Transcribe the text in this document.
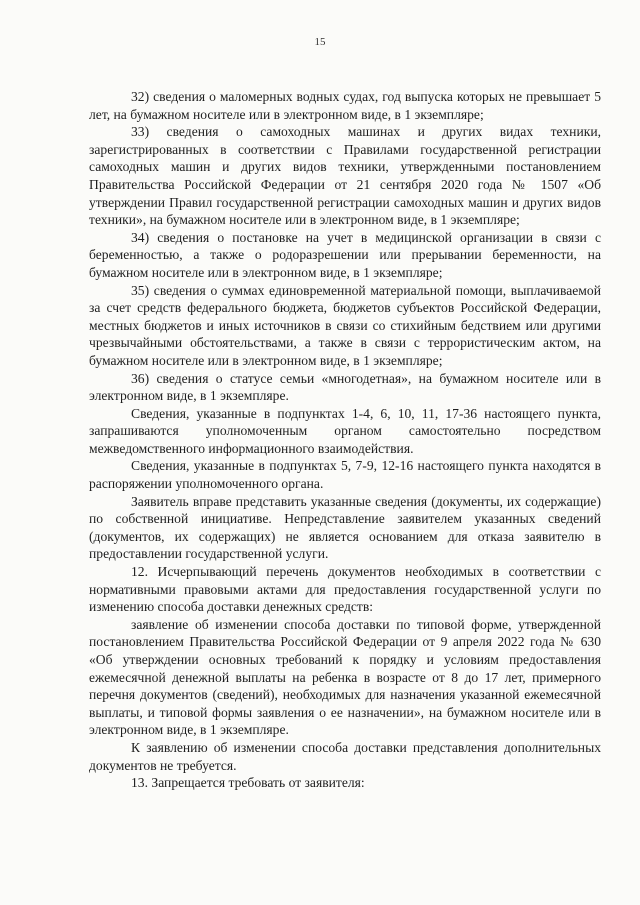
15

32) сведения о маломерных водных судах, год выпуска которых не превышает 5 лет, на бумажном носителе или в электронном виде, в 1 экземпляре;

33) сведения о самоходных машинах и других видах техники, зарегистрированных в соответствии с Правилами государственной регистрации самоходных машин и других видов техники, утвержденными постановлением Правительства Российской Федерации от 21 сентября 2020 года № 1507 «Об утверждении Правил государственной регистрации самоходных машин и других видов техники», на бумажном носителе или в электронном виде, в 1 экземпляре;

34) сведения о постановке на учет в медицинской организации в связи с беременностью, а также о родоразрешении или прерывании беременности, на бумажном носителе или в электронном виде, в 1 экземпляре;

35) сведения о суммах единовременной материальной помощи, выплачиваемой за счет средств федерального бюджета, бюджетов субъектов Российской Федерации, местных бюджетов и иных источников в связи со стихийным бедствием или другими чрезвычайными обстоятельствами, а также в связи с террористическим актом, на бумажном носителе или в электронном виде, в 1 экземпляре;

36) сведения о статусе семьи «многодетная», на бумажном носителе или в электронном виде, в 1 экземпляре.

Сведения, указанные в подпунктах 1-4, 6, 10, 11, 17-36 настоящего пункта, запрашиваются уполномоченным органом самостоятельно посредством межведомственного информационного взаимодействия.

Сведения, указанные в подпунктах 5, 7-9, 12-16 настоящего пункта находятся в распоряжении уполномоченного органа.

Заявитель вправе представить указанные сведения (документы, их содержащие) по собственной инициативе. Непредставление заявителем указанных сведений (документов, их содержащих) не является основанием для отказа заявителю в предоставлении государственной услуги.

12. Исчерпывающий перечень документов необходимых в соответствии с нормативными правовыми актами для предоставления государственной услуги по изменению способа доставки денежных средств:

заявление об изменении способа доставки по типовой форме, утвержденной постановлением Правительства Российской Федерации от 9 апреля 2022 года № 630 «Об утверждении основных требований к порядку и условиям предоставления ежемесячной денежной выплаты на ребенка в возрасте от 8 до 17 лет, примерного перечня документов (сведений), необходимых для назначения указанной ежемесячной выплаты, и типовой формы заявления о ее назначении», на бумажном носителе или в электронном виде, в 1 экземпляре.

К заявлению об изменении способа доставки представления дополнительных документов не требуется.

13. Запрещается требовать от заявителя:
